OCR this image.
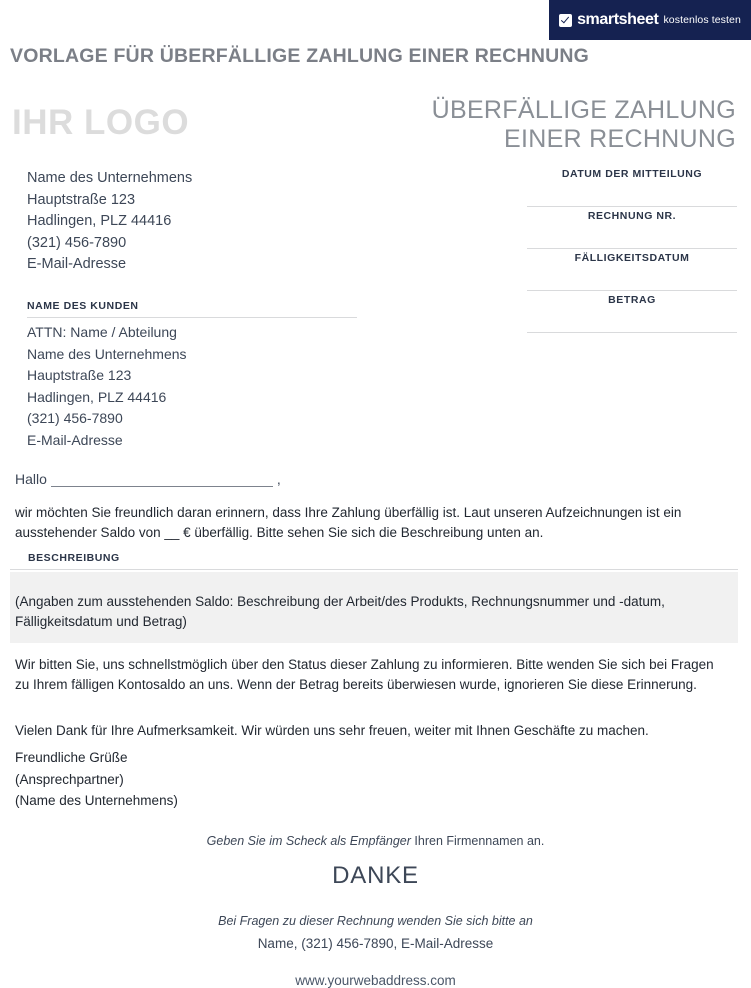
smartsheet kostenlos testen
VORLAGE FÜR ÜBERFÄLLIGE ZAHLUNG EINER RECHNUNG
IHR LOGO	ÜBERFÄLLIGE ZAHLUNG
EINER RECHNUNG
Name des Unternehmens
Hauptstraße 123
Hadlingen, PLZ 44416
(321) 456-7890
E-Mail-Adresse
DATUM DER MITTEILUNG
RECHNUNG NR.
FÄLLIGKEITSDATUM
BETRAG
NAME DES KUNDEN
ATTN: Name / Abteilung
Name des Unternehmens
Hauptstraße 123
Hadlingen, PLZ 44416
(321) 456-7890
E-Mail-Adresse
Hallo	,
wir möchten Sie freundlich daran erinnern, dass Ihre Zahlung überfällig ist. Laut unseren Aufzeichnungen ist ein ausstehender Saldo von __ € überfällig. Bitte sehen Sie sich die Beschreibung unten an.
BESCHREIBUNG
(Angaben zum ausstehenden Saldo: Beschreibung der Arbeit/des Produkts, Rechnungsnummer und -datum, Fälligkeitsdatum und Betrag)
Wir bitten Sie, uns schnellstmöglich über den Status dieser Zahlung zu informieren. Bitte wenden Sie sich bei Fragen zu Ihrem fälligen Kontosaldo an uns. Wenn der Betrag bereits überwiesen wurde, ignorieren Sie diese Erinnerung.
Vielen Dank für Ihre Aufmerksamkeit. Wir würden uns sehr freuen, weiter mit Ihnen Geschäfte zu machen.
Freundliche Grüße
(Ansprechpartner)
(Name des Unternehmens)
Geben Sie im Scheck als Empfänger Ihren Firmennamen an.
DANKE
Bei Fragen zu dieser Rechnung wenden Sie sich bitte an
Name, (321) 456-7890, E-Mail-Adresse
www.yourwebaddress.com
